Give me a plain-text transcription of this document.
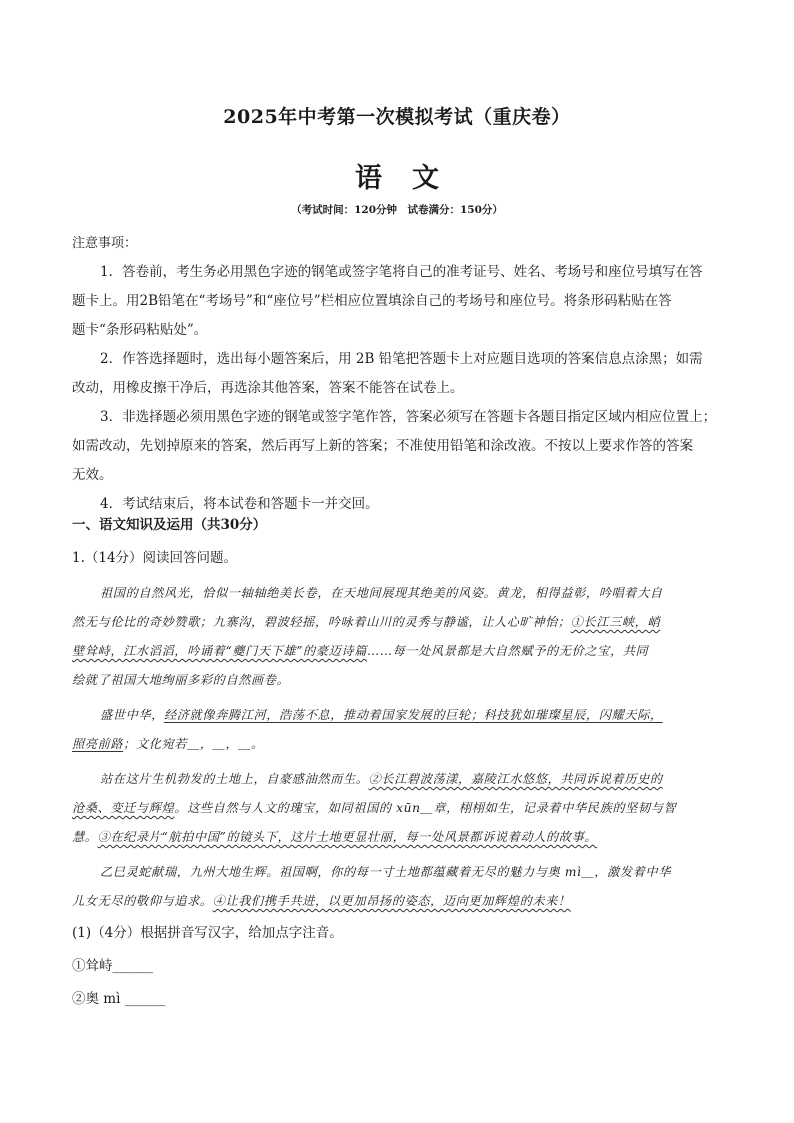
2025年中考第一次模拟考试（重庆卷）
语文
（考试时间：120分钟　试卷满分：150分）
注意事项：
1．答卷前，考生务必用黑色字迹的钢笔或签字笔将自己的准考证号、姓名、考场号和座位号填写在答
题卡上。用2B铅笔在“考场号”和“座位号”栏相应位置填涂自己的考场号和座位号。将条形码粘贴在答
题卡“条形码粘贴处”。
2．作答选择题时，选出每小题答案后，用 2B 铅笔把答题卡上对应题目选项的答案信息点涂黑；如需
改动，用橡皮擦干净后，再选涂其他答案，答案不能答在试卷上。
3．非选择题必须用黑色字迹的钢笔或签字笔作答，答案必须写在答题卡各题目指定区域内相应位置上；
如需改动，先划掉原来的答案，然后再写上新的答案；不准使用铅笔和涂改液。不按以上要求作答的答案
无效。
4．考试结束后，将本试卷和答题卡一并交回。
一、语文知识及运用（共30分）
1.（14分）阅读回答问题。
祖国的自然风光，恰似一轴轴绝美长卷，在天地间展现其绝美的风姿。黄龙，相得益彰，吟唱着大自
然无与伦比的奇妙赞歌；九寨沟，碧波轻摇，吟咏着山川的灵秀与静谧，让人心旷神怡；①长江三峡，峭
壁耸峙，江水滔滔，吟诵着“夔门天下雄”的豪迈诗篇……每一处风景都是大自然赋予的无价之宝，共同
绘就了祖国大地绚丽多彩的自然画卷。
盛世中华，经济就像奔腾江河，浩荡不息，推动着国家发展的巨轮；科技犹如璀璨星辰，闪耀天际，
照亮前路；文化宛若＿，＿，＿。
站在这片生机勃发的土地上，自豪感油然而生。②长江碧波荡漾，嘉陵江水悠悠，共同诉说着历史的
沧桑、变迁与辉煌。这些自然与人文的瑰宝，如同祖国的 xūn＿章，栩栩如生，记录着中华民族的坚韧与智
慧。③在纪录片“航拍中国”的镜头下，这片土地更显壮丽，每一处风景都诉说着动人的故事。
乙巳灵蛇献瑞，九州大地生辉。祖国啊，你的每一寸土地都蕴藏着无尽的魅力与奥 mì＿，激发着中华
儿女无尽的敬仰与追求。④让我们携手共进，以更加昂扬的姿态，迈向更加辉煌的未来！
(1)（4分）根据拼音写汉字，给加点字注音。
①耸峙______
②奥 mì ______
